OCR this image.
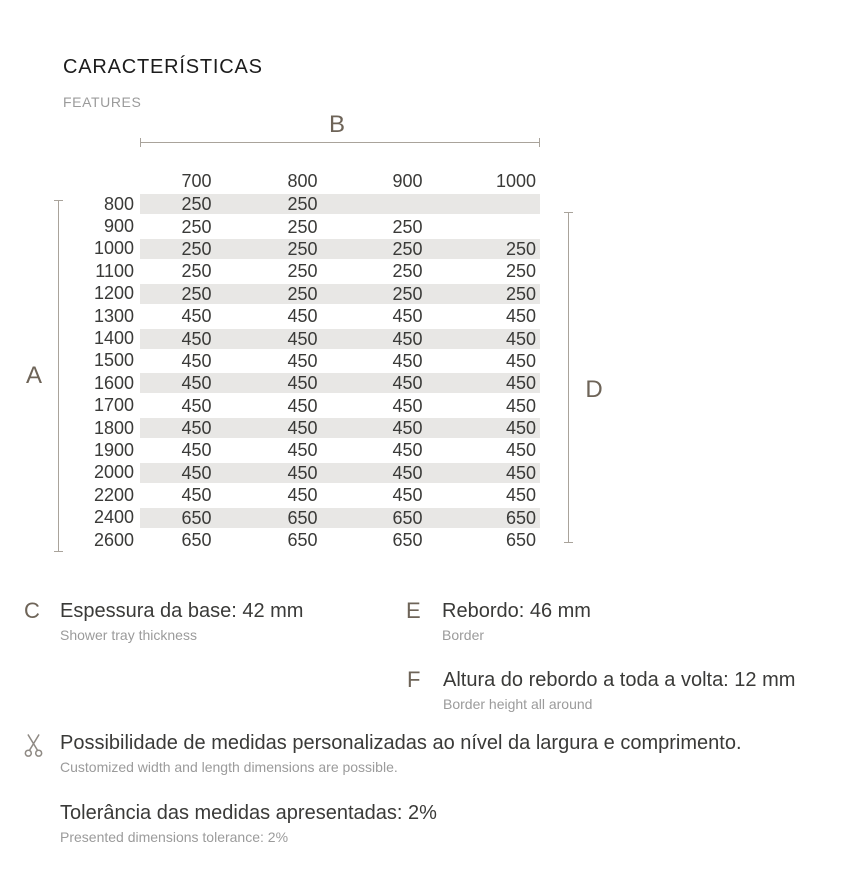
CARACTERÍSTICAS
FEATURES
B
A
D
700	800	900	1000
800	250	250
900	250	250	250
1000	250	250	250	250
1100	250	250	250	250
1200	250	250	250	250
1300	450	450	450	450
1400	450	450	450	450
1500	450	450	450	450
1600	450	450	450	450
1700	450	450	450	450
1800	450	450	450	450
1900	450	450	450	450
2000	450	450	450	450
2200	450	450	450	450
2400	650	650	650	650
2600	650	650	650	650
C	Espessura da base: 42 mm
Shower tray thickness
E	Rebordo: 46 mm
Border
F	Altura do rebordo a toda a volta: 12 mm
Border height all around
Possibilidade de medidas personalizadas ao nível da largura e comprimento.
Customized width and length dimensions are possible.
Tolerância das medidas apresentadas: 2%
Presented dimensions tolerance: 2%
